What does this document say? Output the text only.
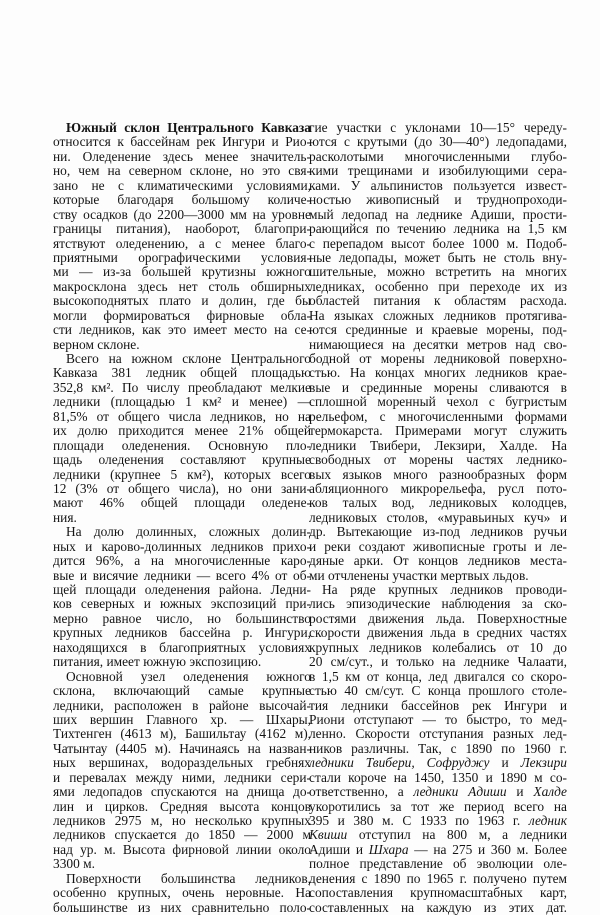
Южный склон Центрального Кавказа
относится к бассейнам рек Ингури и Рио-
ни. Оледенение здесь менее значитель-
но, чем на северном склоне, но это свя-
зано не с климатическими условиями,
которые благодаря большому количе-
ству осадков (до 2200—3000 мм на уровне
границы питания), наоборот, благопри-
ятствуют оледенению, а с менее благо-
приятными орографическими условия-
ми — из-за большей крутизны южного
макросклона здесь нет столь обширных
высокоподнятых плато и долин, где бы
могли формироваться фирновые обла-
сти ледников, как это имеет место на се-
верном склоне.
Всего на южном склоне Центрального
Кавказа 381 ледник общей площадью
352,8 км². По числу преобладают мелкие
ледники (площадью 1 км² и менее) —
81,5% от общего числа ледников, но на
их долю приходится менее 21% общей
площади оледенения. Основную пло-
щадь оледенения составляют крупные
ледники (крупнее 5 км²), которых всего
12 (3% от общего числа), но они зани-
мают 46% общей площади оледене-
ния.
На долю долинных, сложных долин-
ных и карово-долинных ледников прихо-
дится 96%, а на многочисленные каро-
вые и висячие ледники — всего 4% от об-
щей площади оледенения района. Ледни-
ков северных и южных экспозиций при-
мерно равное число, но большинство
крупных ледников бассейна р. Ингури,
находящихся в благоприятных условиях
питания, имеет южную экспозицию.
Основной узел оледенения южного
склона, включающий самые крупные
ледники, расположен в районе высочай-
ших вершин Главного хр. — Шхары,
Тихтенген (4613 м), Башильтау (4162 м),
Чатынтау (4405 м). Начинаясь на назван-
ных вершинах, водораздельных гребнях
и перевалах между ними, ледники сери-
ями ледопадов спускаются на днища до-
лин и цирков. Средняя высота концов
ледников 2975 м, но несколько крупных
ледников спускается до 1850 — 2000 м
над ур. м. Высота фирновой линии около
3300 м.
Поверхности большинства ледников,
особенно крупных, очень неровные. На
большинстве из них сравнительно поло-
гие участки с уклонами 10—15° череду-
ются с крутыми (до 30—40°) ледопадами,
расколотыми многочисленными глубо-
кими трещинами и изобилующими сера-
ками. У альпинистов пользуется извест-
ностью живописный и труднопроходи-
мый ледопад на леднике Адиши, прости-
рающийся по течению ледника на 1,5 км
с перепадом высот более 1000 м. Подоб-
ные ледопады, может быть не столь вну-
шительные, можно встретить на многих
ледниках, особенно при переходе их из
областей питания к областям расхода.
На языках сложных ледников протягива-
ются срединные и краевые морены, под-
нимающиеся на десятки метров над сво-
бодной от морены ледниковой поверхно-
стью. На концах многих ледников крае-
вые и срединные морены сливаются в
сплошной моренный чехол с бугристым
рельефом, с многочисленными формами
термокарста. Примерами могут служить
ледники Твибери, Лекзири, Халде. На
свободных от морены частях леднико-
вых языков много разнообразных форм
абляционного микрорельефа, русл пото-
ков талых вод, ледниковых колодцев,
ледниковых столов, «муравьиных куч» и
др. Вытекающие из-под ледников ручьи
и реки создают живописные гроты и ле-
дяные арки. От концов ледников места-
ми отчленены участки мертвых льдов.
На ряде крупных ледников проводи-
лись эпизодические наблюдения за ско-
ростями движения льда. Поверхностные
скорости движения льда в средних частях
крупных ледников колебались от 10 до
20 см/сут., и только на леднике Чалаати,
в 1,5 км от конца, лед двигался со скоро-
стью 40 см/сут. С конца прошлого столе-
тия ледники бассейнов рек Ингури и
Риони отступают — то быстро, то мед-
ленно. Скорости отступания разных лед-
ников различны. Так, с 1890 по 1960 г.
ледники Твибери, Софруджу и Лекзири
стали короче на 1450, 1350 и 1890 м со-
ответственно, а ледники Адиши и Халде
укоротились за тот же период всего на
395 и 380 м. С 1933 по 1963 г. ледник
Квиши отступил на 800 м, а ледники
Адиши и Шхара — на 275 и 360 м. Более
полное представление об эволюции оле-
денения с 1890 по 1965 г. получено путем
сопоставления крупномасштабных карт,
составленных на каждую из этих дат.
